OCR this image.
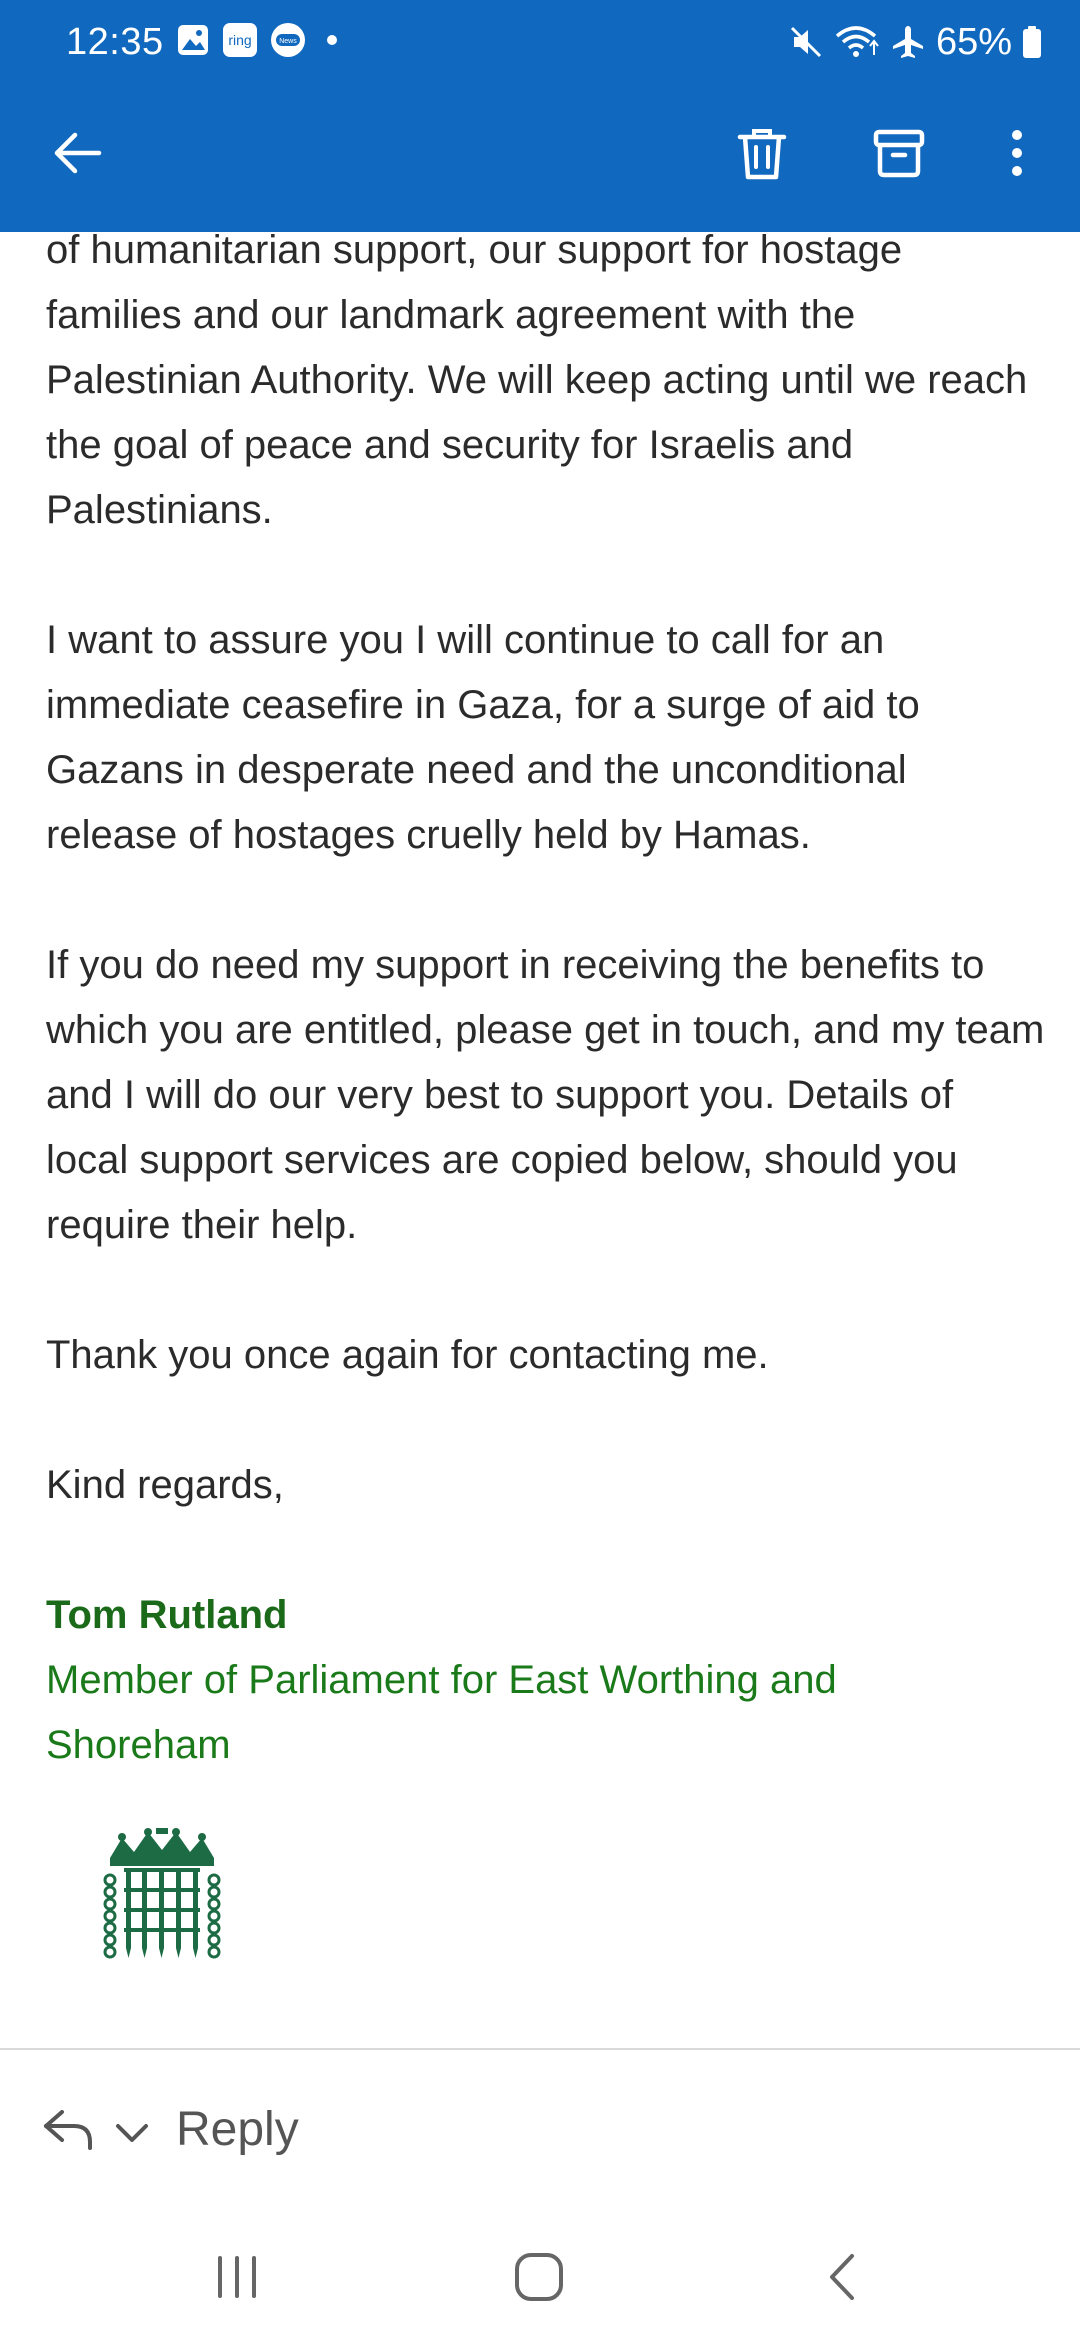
12:35	ring	News	65%

of humanitarian support, our support for hostage families and our landmark agreement with the Palestinian Authority. We will keep acting until we reach the goal of peace and security for Israelis and Palestinians.

I want to assure you I will continue to call for an immediate ceasefire in Gaza, for a surge of aid to Gazans in desperate need and the unconditional release of hostages cruelly held by Hamas.

If you do need my support in receiving the benefits to which you are entitled, please get in touch, and my team and I will do our very best to support you. Details of local support services are copied below, should you require their help.

Thank you once again for contacting me.

Kind regards,

Tom Rutland

Member of Parliament for East Worthing and Shoreham

Reply
